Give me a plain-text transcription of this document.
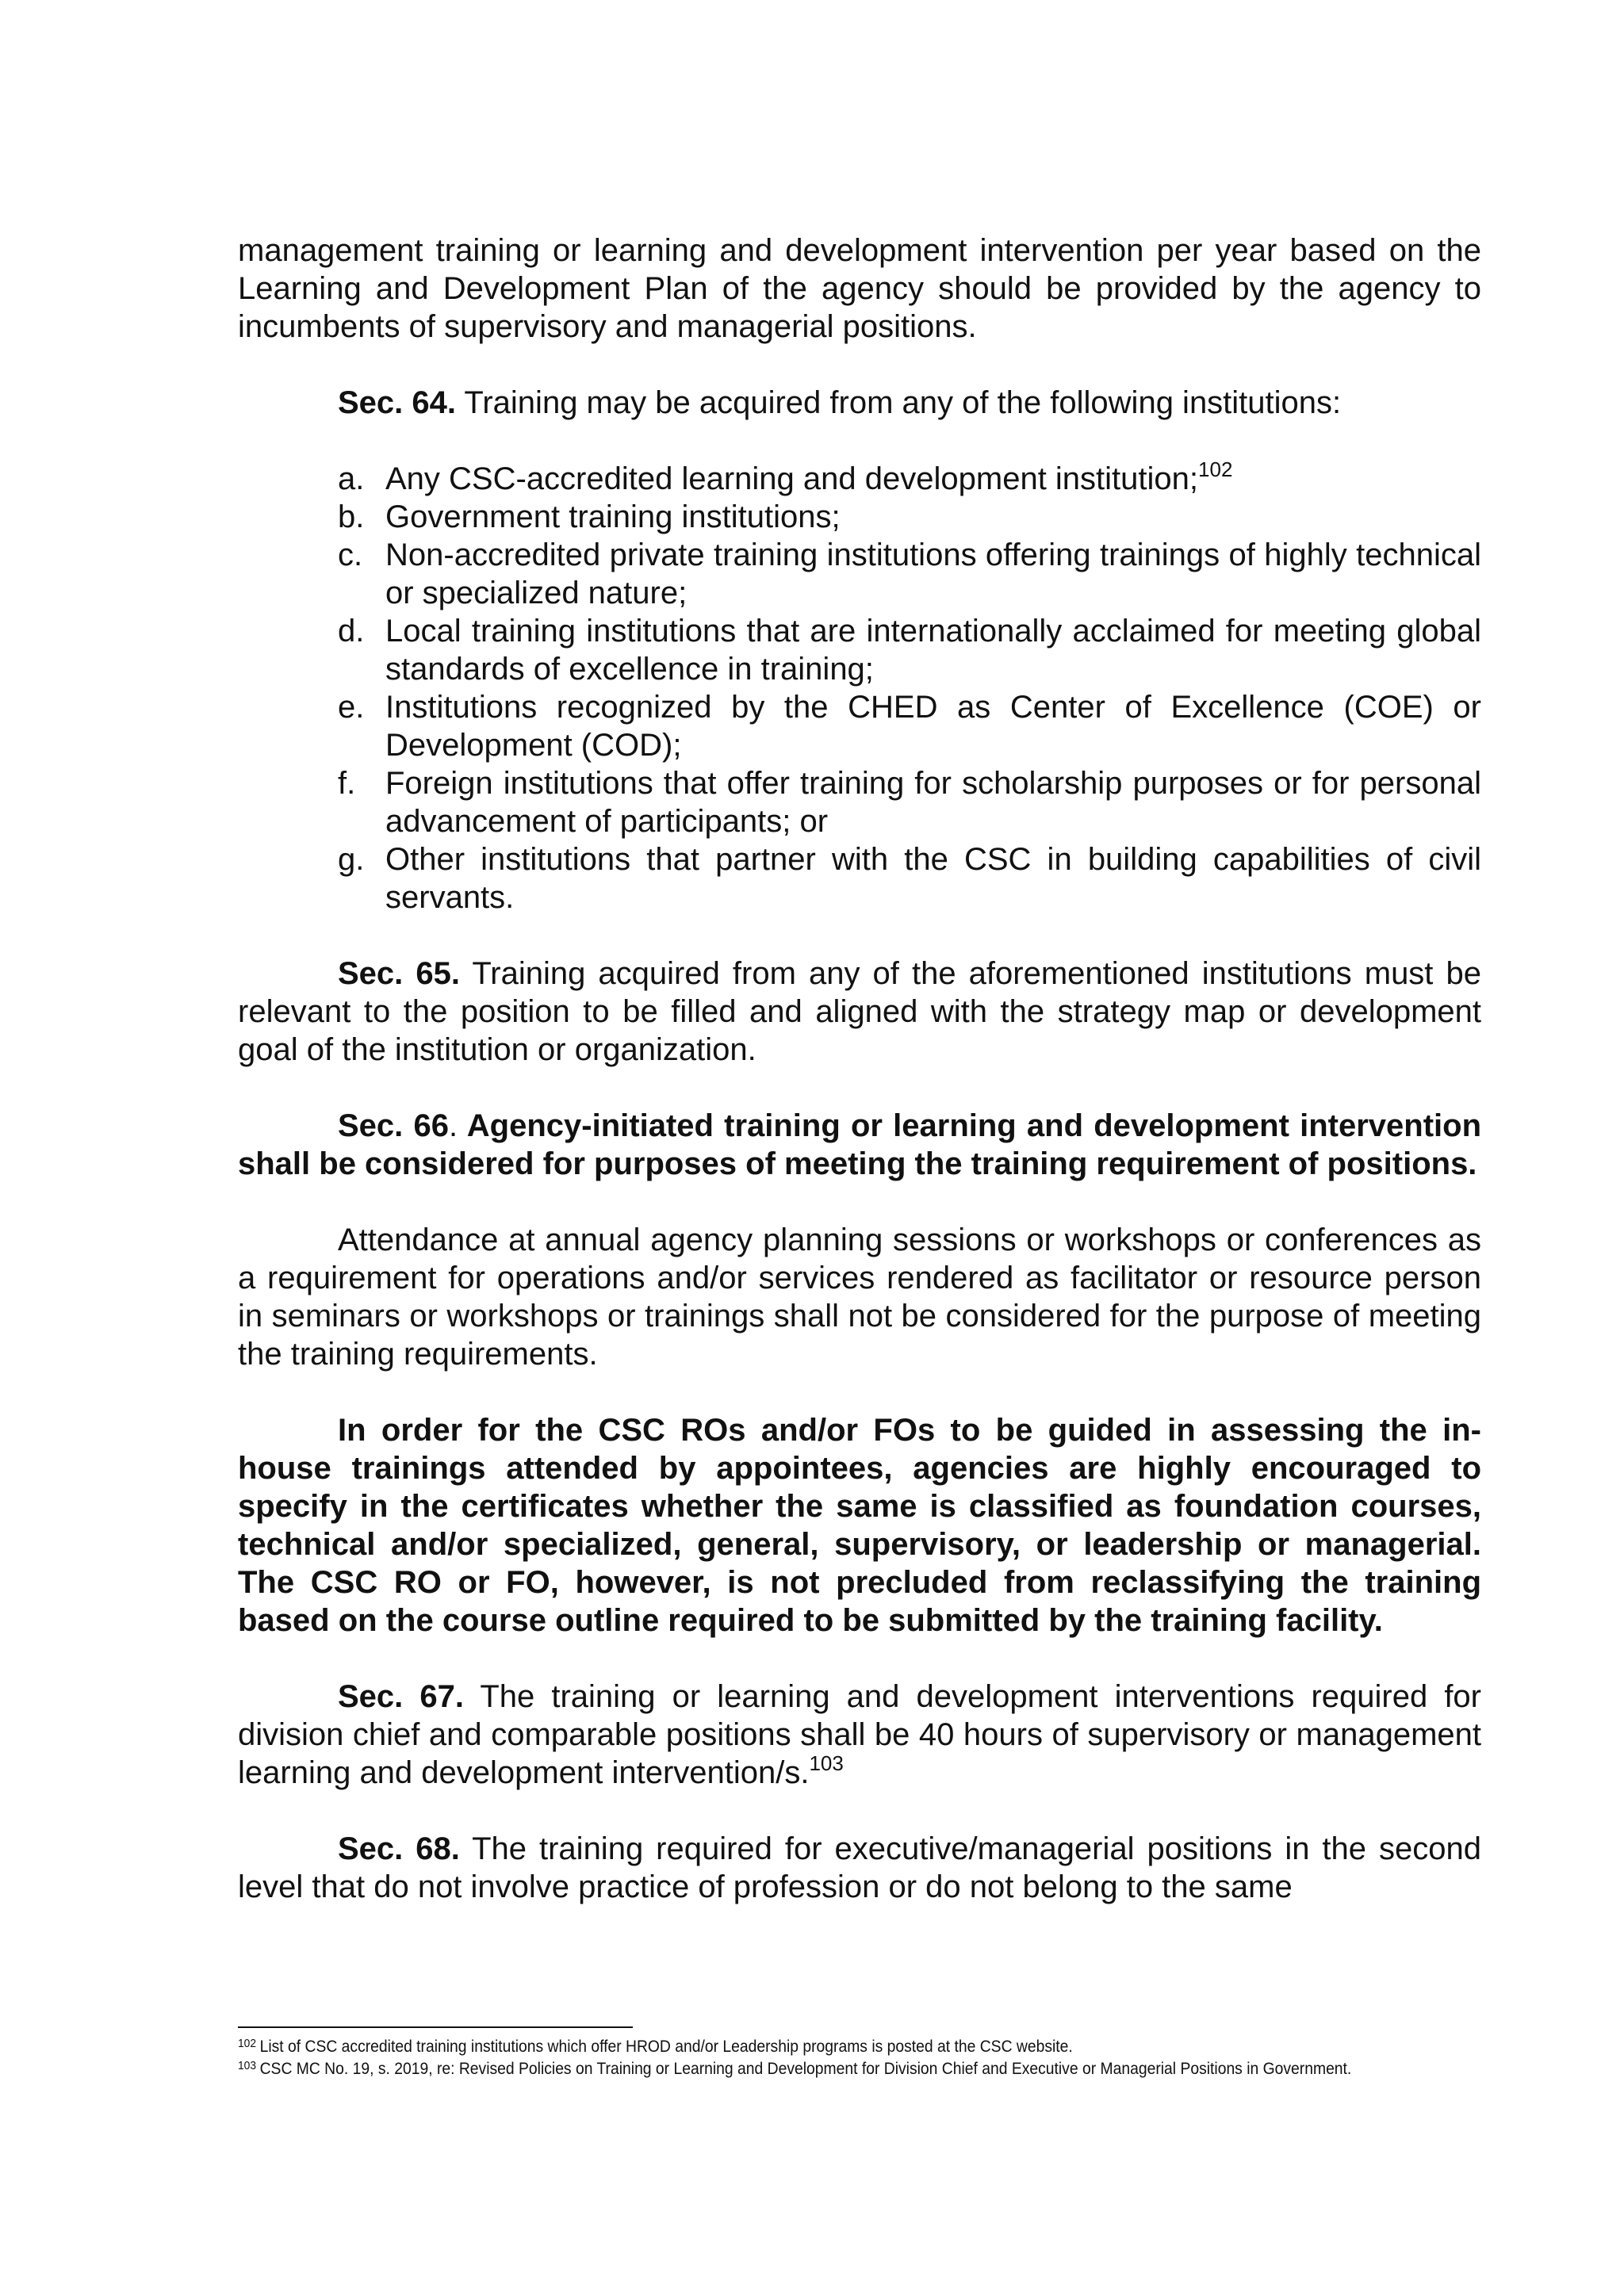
management training or learning and development intervention per year based on the Learning and Development Plan of the agency should be provided by the agency to incumbents of supervisory and managerial positions.

Sec. 64. Training may be acquired from any of the following institutions:

a. Any CSC-accredited learning and development institution;$^{102}$
b. Government training institutions;
c. Non-accredited private training institutions offering trainings of highly technical or specialized nature;
d. Local training institutions that are internationally acclaimed for meeting global standards of excellence in training;
e. Institutions recognized by the CHED as Center of Excellence (COE) or Development (COD);
f. Foreign institutions that offer training for scholarship purposes or for personal advancement of participants; or
g. Other institutions that partner with the CSC in building capabilities of civil servants.

Sec. 65. Training acquired from any of the aforementioned institutions must be relevant to the position to be filled and aligned with the strategy map or development goal of the institution or organization.

Sec. 66. Agency-initiated training or learning and development intervention shall be considered for purposes of meeting the training requirement of positions.

Attendance at annual agency planning sessions or workshops or conferences as a requirement for operations and/or services rendered as facilitator or resource person in seminars or workshops or trainings shall not be considered for the purpose of meeting the training requirements.

In order for the CSC ROs and/or FOs to be guided in assessing the in-house trainings attended by appointees, agencies are highly encouraged to specify in the certificates whether the same is classified as foundation courses, technical and/or specialized, general, supervisory, or leadership or managerial. The CSC RO or FO, however, is not precluded from reclassifying the training based on the course outline required to be submitted by the training facility.

Sec. 67. The training or learning and development interventions required for division chief and comparable positions shall be 40 hours of supervisory or management learning and development intervention/s.$^{103}$

Sec. 68. The training required for executive/managerial positions in the second level that do not involve practice of profession or do not belong to the same

102 List of CSC accredited training institutions which offer HROD and/or Leadership programs is posted at the CSC website.
103 CSC MC No. 19, s. 2019, re: Revised Policies on Training or Learning and Development for Division Chief and Executive or Managerial Positions in Government.
